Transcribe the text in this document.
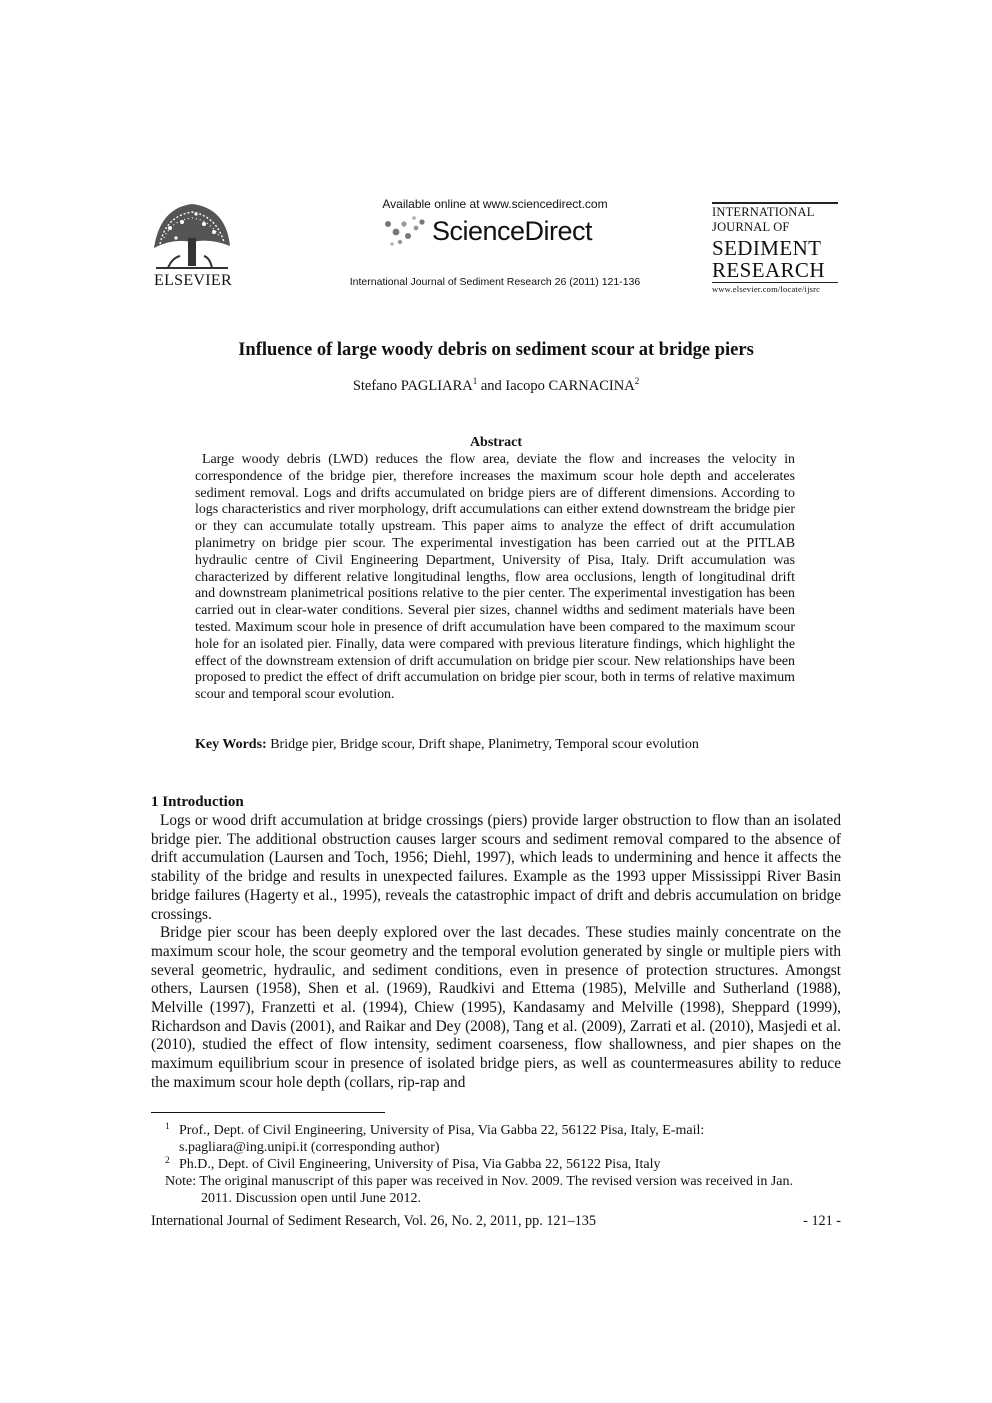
ELSEVIER
Available online at www.sciencedirect.com
ScienceDirect
International Journal of Sediment Research 26 (2011) 121-136
INTERNATIONAL
JOURNAL OF
SEDIMENT
RESEARCH
www.elsevier.com/locate/ijsrc
Influence of large woody debris on sediment scour at bridge piers
Stefano PAGLIARA$^1$ and Iacopo CARNACINA$^2$
Abstract
Large woody debris (LWD) reduces the flow area, deviate the flow and increases the velocity in correspondence of the bridge pier, therefore increases the maximum scour hole depth and accelerates sediment removal. Logs and drifts accumulated on bridge piers are of different dimensions. According to logs characteristics and river morphology, drift accumulations can either extend downstream the bridge pier or they can accumulate totally upstream. This paper aims to analyze the effect of drift accumulation planimetry on bridge pier scour. The experimental investigation has been carried out at the PITLAB hydraulic centre of Civil Engineering Department, University of Pisa, Italy. Drift accumulation was characterized by different relative longitudinal lengths, flow area occlusions, length of longitudinal drift and downstream planimetrical positions relative to the pier center. The experimental investigation has been carried out in clear-water conditions. Several pier sizes, channel widths and sediment materials have been tested. Maximum scour hole in presence of drift accumulation have been compared to the maximum scour hole for an isolated pier. Finally, data were compared with previous literature findings, which highlight the effect of the downstream extension of drift accumulation on bridge pier scour. New relationships have been proposed to predict the effect of drift accumulation on bridge pier scour, both in terms of relative maximum scour and temporal scour evolution.
Key Words: Bridge pier, Bridge scour, Drift shape, Planimetry, Temporal scour evolution
1 Introduction

Logs or wood drift accumulation at bridge crossings (piers) provide larger obstruction to flow than an isolated bridge pier. The additional obstruction causes larger scours and sediment removal compared to the absence of drift accumulation (Laursen and Toch, 1956; Diehl, 1997), which leads to undermining and hence it affects the stability of the bridge and results in unexpected failures. Example as the 1993 upper Mississippi River Basin bridge failures (Hagerty et al., 1995), reveals the catastrophic impact of drift and debris accumulation on bridge crossings.

Bridge pier scour has been deeply explored over the last decades. These studies mainly concentrate on the maximum scour hole, the scour geometry and the temporal evolution generated by single or multiple piers with several geometric, hydraulic, and sediment conditions, even in presence of protection structures. Amongst others, Laursen (1958), Shen et al. (1969), Raudkivi and Ettema (1985), Melville and Sutherland (1988), Melville (1997), Franzetti et al. (1994), Chiew (1995), Kandasamy and Melville (1998), Sheppard (1999), Richardson and Davis (2001), and Raikar and Dey (2008), Tang et al. (2009), Zarrati et al. (2010), Masjedi et al. (2010), studied the effect of flow intensity, sediment coarseness, flow shallowness, and pier shapes on the maximum equilibrium scour in presence of isolated bridge piers, as well as countermeasures ability to reduce the maximum scour hole depth (collars, rip-rap and

1 Prof., Dept. of Civil Engineering, University of Pisa, Via Gabba 22, 56122 Pisa, Italy, E-mail:
s.pagliara@ing.unipi.it (corresponding author)
2 Ph.D., Dept. of Civil Engineering, University of Pisa, Via Gabba 22, 56122 Pisa, Italy
Note: The original manuscript of this paper was received in Nov. 2009. The revised version was received in Jan.
2011. Discussion open until June 2012.
International Journal of Sediment Research, Vol. 26, No. 2, 2011, pp. 121–135	- 121 -
